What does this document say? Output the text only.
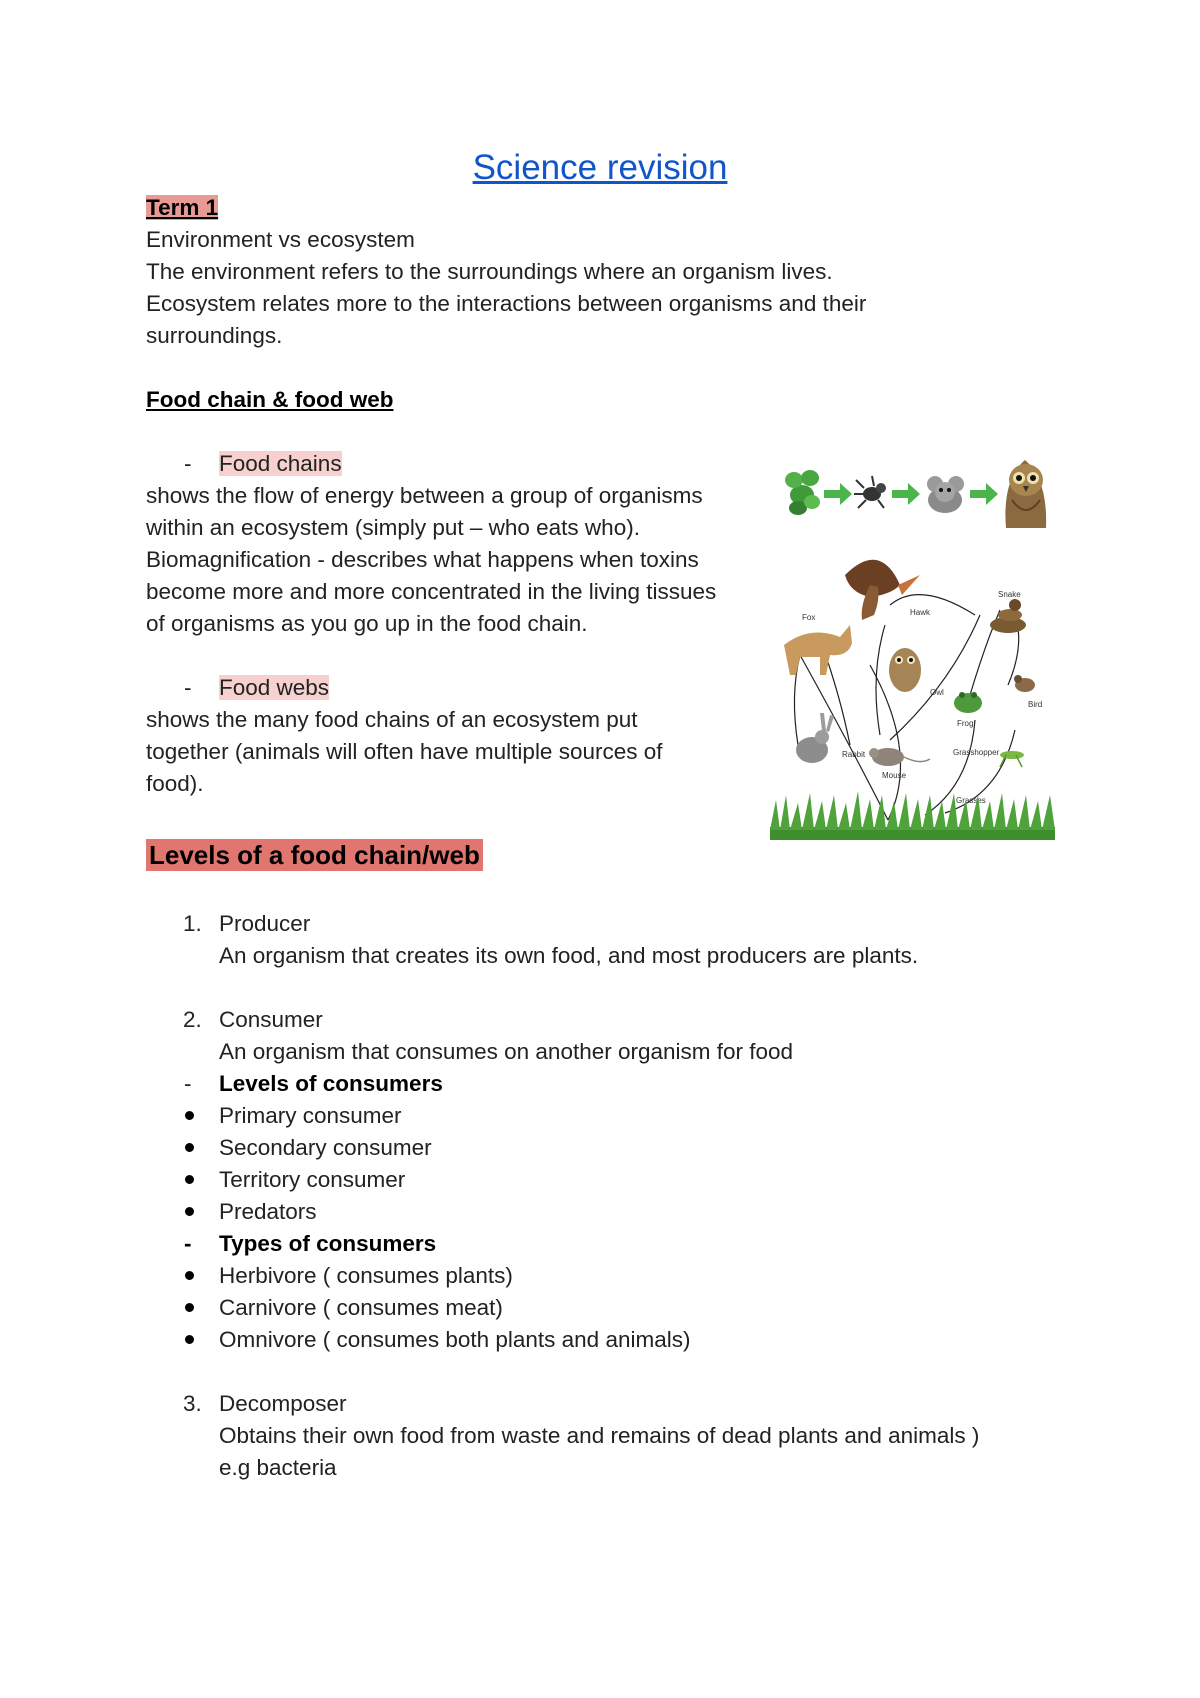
Science revision
Term 1
Environment vs ecosystem
The environment refers to the surroundings where an organism lives.
Ecosystem relates more to the interactions between organisms and their
surroundings.
Food chain & food web
- Food chains
shows the flow of energy between a group of organisms
within an ecosystem (simply put – who eats who).
Biomagnification - describes what happens when toxins
become more and more concentrated in the living tissues
of organisms as you go up in the food chain.
- Food webs
shows the many food chains of an ecosystem put
together (animals will often have multiple sources of
food).
Hawk
Snake
Fox
Owl
Frog
Bird
Rabbit
Mouse
Grasshopper
Grasses
Levels of a food chain/web
1. Producer
An organism that creates its own food, and most producers are plants.
2. Consumer
An organism that consumes on another organism for food
- Levels of consumers
Primary consumer
Secondary consumer
Territory consumer
Predators
- Types of consumers
Herbivore ( consumes plants)
Carnivore ( consumes meat)
Omnivore ( consumes both plants and animals)
3. Decomposer
Obtains their own food from waste and remains of dead plants and animals )
e.g bacteria
